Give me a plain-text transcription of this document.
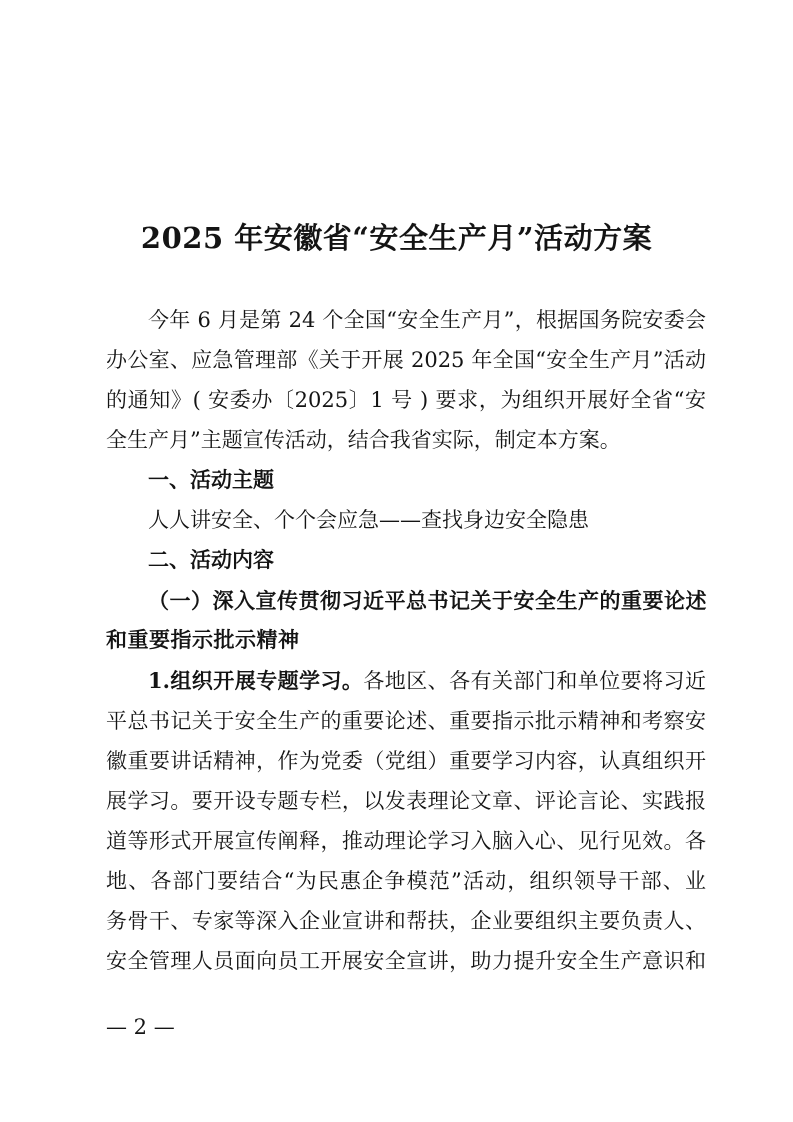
2025 年安徽省“安全生产月”活动方案
今年 6 月是第 24 个全国“安全生产月”，根据国务院安委会
办公室、应急管理部《关于开展 2025 年全国“安全生产月”活动
的通知》( 安委办〔2025〕1 号 ) 要求，为组织开展好全省“安
全生产月”主题宣传活动，结合我省实际，制定本方案。
一、活动主题
人人讲安全、个个会应急——查找身边安全隐患
二、活动内容
（一）深入宣传贯彻习近平总书记关于安全生产的重要论述
和重要指示批示精神
1.组织开展专题学习。各地区、各有关部门和单位要将习近
平总书记关于安全生产的重要论述、重要指示批示精神和考察安
徽重要讲话精神，作为党委（党组）重要学习内容，认真组织开
展学习。要开设专题专栏，以发表理论文章、评论言论、实践报
道等形式开展宣传阐释，推动理论学习入脑入心、见行见效。各
地、各部门要结合“为民惠企争模范”活动，组织领导干部、业
务骨干、专家等深入企业宣讲和帮扶，企业要组织主要负责人、
安全管理人员面向员工开展安全宣讲，助力提升安全生产意识和
— 2 —
